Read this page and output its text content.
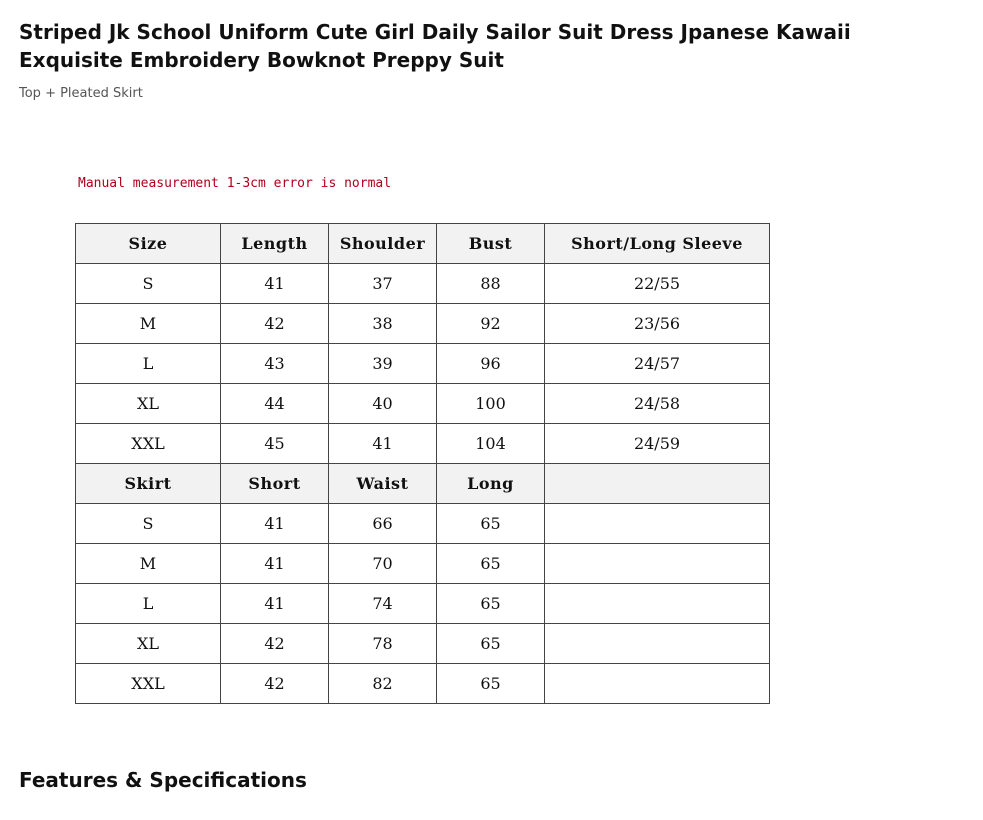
Striped Jk School Uniform Cute Girl Daily Sailor Suit Dress Jpanese Kawaii Exquisite Embroidery Bowknot Preppy Suit
Top + Pleated Skirt
Manual measurement 1-3cm error is normal
Size	Length	Shoulder	Bust	Short/Long Sleeve
S	41	37	88	22/55
M	42	38	92	23/56
L	43	39	96	24/57
XL	44	40	100	24/58
XXL	45	41	104	24/59
Skirt	Short	Waist	Long	
S	41	66	65	
M	41	70	65	
L	41	74	65	
XL	42	78	65	
XXL	42	82	65	
Features & Specifications
